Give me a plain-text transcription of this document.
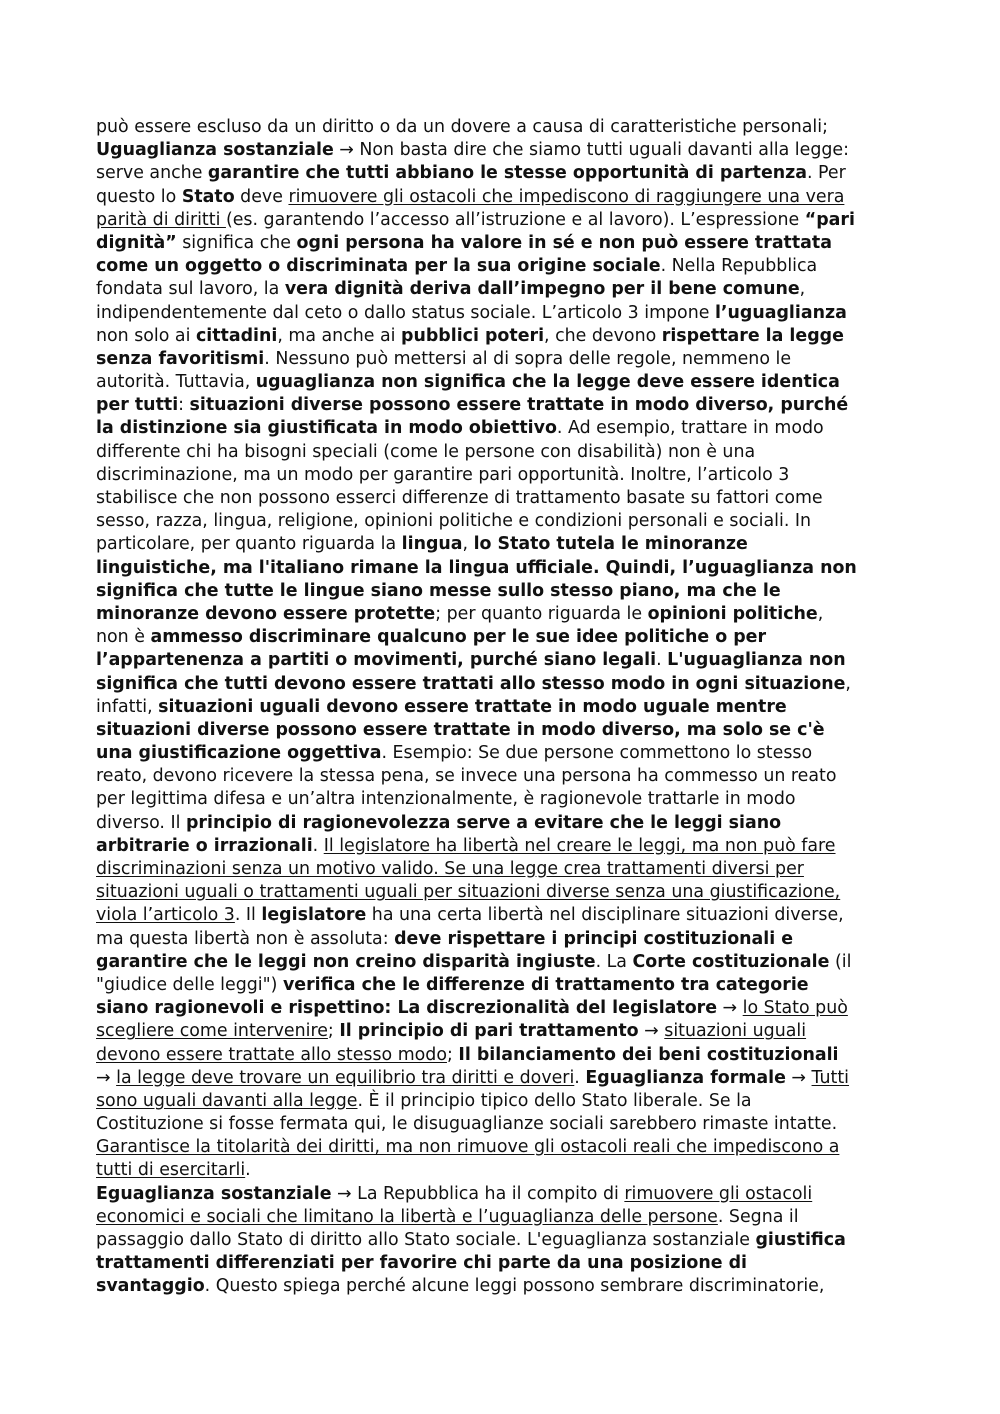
può essere escluso da un diritto o da un dovere a causa di caratteristiche personali;
Uguaglianza sostanziale → Non basta dire che siamo tutti uguali davanti alla legge:
serve anche garantire che tutti abbiano le stesse opportunità di partenza. Per
questo lo Stato deve rimuovere gli ostacoli che impediscono di raggiungere una vera
parità di diritti (es. garantendo l’accesso all’istruzione e al lavoro). L’espressione “pari
dignità” significa che ogni persona ha valore in sé e non può essere trattata
come un oggetto o discriminata per la sua origine sociale. Nella Repubblica
fondata sul lavoro, la vera dignità deriva dall’impegno per il bene comune,
indipendentemente dal ceto o dallo status sociale. L’articolo 3 impone l’uguaglianza
non solo ai cittadini, ma anche ai pubblici poteri, che devono rispettare la legge
senza favoritismi. Nessuno può mettersi al di sopra delle regole, nemmeno le
autorità. Tuttavia, uguaglianza non significa che la legge deve essere identica
per tutti: situazioni diverse possono essere trattate in modo diverso, purché
la distinzione sia giustificata in modo obiettivo. Ad esempio, trattare in modo
differente chi ha bisogni speciali (come le persone con disabilità) non è una
discriminazione, ma un modo per garantire pari opportunità. Inoltre, l’articolo 3
stabilisce che non possono esserci differenze di trattamento basate su fattori come
sesso, razza, lingua, religione, opinioni politiche e condizioni personali e sociali. In
particolare, per quanto riguarda la lingua, lo Stato tutela le minoranze
linguistiche, ma l'italiano rimane la lingua ufficiale. Quindi, l’uguaglianza non
significa che tutte le lingue siano messe sullo stesso piano, ma che le
minoranze devono essere protette; per quanto riguarda le opinioni politiche,
non è ammesso discriminare qualcuno per le sue idee politiche o per
l’appartenenza a partiti o movimenti, purché siano legali. L'uguaglianza non
significa che tutti devono essere trattati allo stesso modo in ogni situazione,
infatti, situazioni uguali devono essere trattate in modo uguale mentre
situazioni diverse possono essere trattate in modo diverso, ma solo se c'è
una giustificazione oggettiva. Esempio: Se due persone commettono lo stesso
reato, devono ricevere la stessa pena, se invece una persona ha commesso un reato
per legittima difesa e un’altra intenzionalmente, è ragionevole trattarle in modo
diverso. Il principio di ragionevolezza serve a evitare che le leggi siano
arbitrarie o irrazionali. Il legislatore ha libertà nel creare le leggi, ma non può fare
discriminazioni senza un motivo valido. Se una legge crea trattamenti diversi per
situazioni uguali o trattamenti uguali per situazioni diverse senza una giustificazione,
viola l’articolo 3. Il legislatore ha una certa libertà nel disciplinare situazioni diverse,
ma questa libertà non è assoluta: deve rispettare i principi costituzionali e
garantire che le leggi non creino disparità ingiuste. La Corte costituzionale (il
"giudice delle leggi") verifica che le differenze di trattamento tra categorie
siano ragionevoli e rispettino: La discrezionalità del legislatore → lo Stato può
scegliere come intervenire; Il principio di pari trattamento → situazioni uguali
devono essere trattate allo stesso modo; Il bilanciamento dei beni costituzionali
→ la legge deve trovare un equilibrio tra diritti e doveri. Eguaglianza formale → Tutti
sono uguali davanti alla legge. È il principio tipico dello Stato liberale. Se la
Costituzione si fosse fermata qui, le disuguaglianze sociali sarebbero rimaste intatte.
Garantisce la titolarità dei diritti, ma non rimuove gli ostacoli reali che impediscono a
tutti di esercitarli.
Eguaglianza sostanziale → La Repubblica ha il compito di rimuovere gli ostacoli
economici e sociali che limitano la libertà e l’uguaglianza delle persone. Segna il
passaggio dallo Stato di diritto allo Stato sociale. L'eguaglianza sostanziale giustifica
trattamenti differenziati per favorire chi parte da una posizione di
svantaggio. Questo spiega perché alcune leggi possono sembrare discriminatorie,
